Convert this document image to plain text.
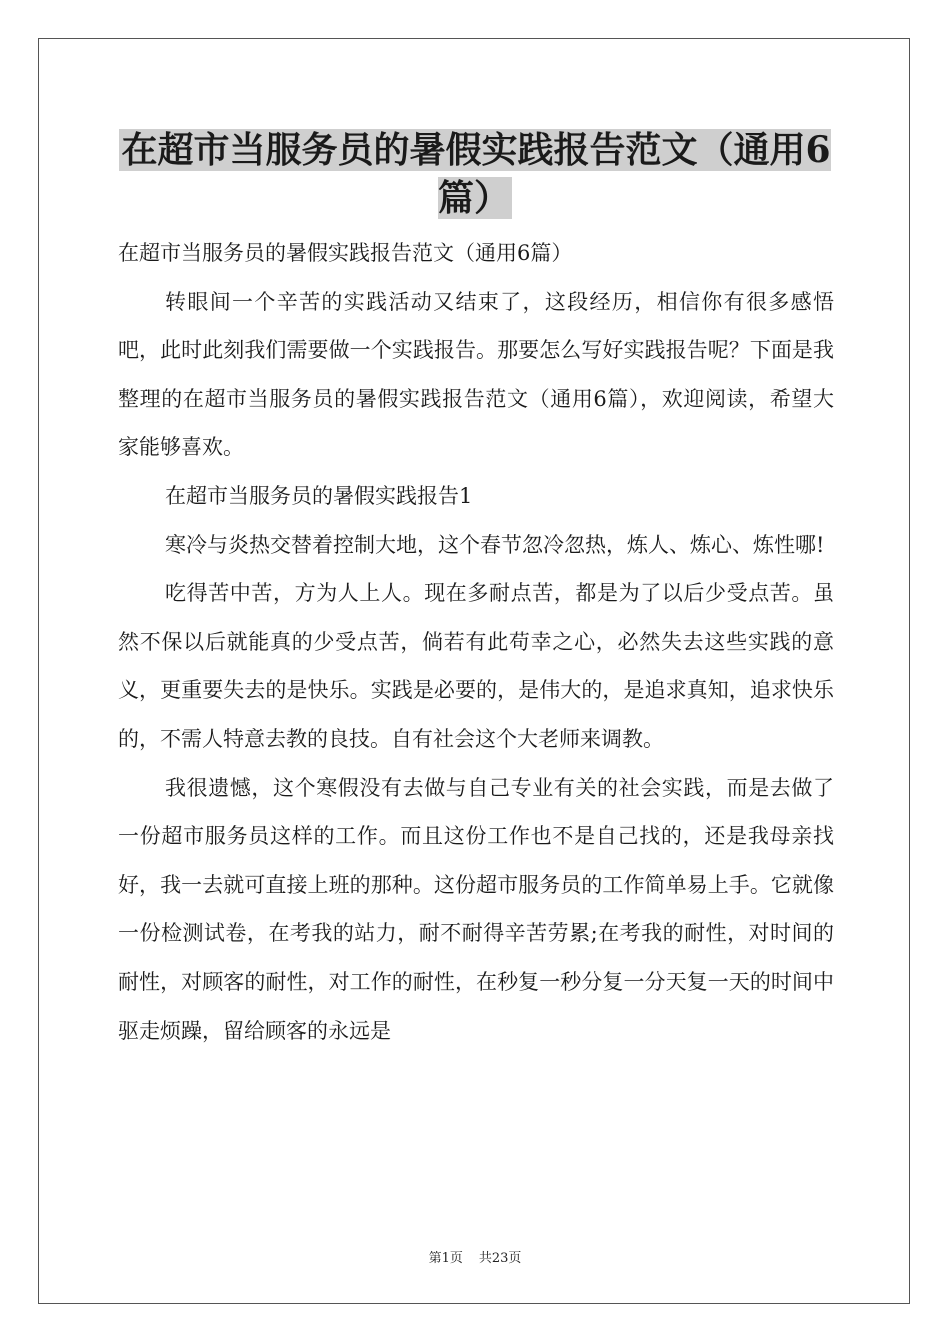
在超市当服务员的暑假实践报告范文（通用6篇）

在超市当服务员的暑假实践报告范文（通用6篇）

转眼间一个辛苦的实践活动又结束了，这段经历，相信你有很多感悟吧，此时此刻我们需要做一个实践报告。那要怎么写好实践报告呢？下面是我整理的在超市当服务员的暑假实践报告范文（通用6篇），欢迎阅读，希望大家能够喜欢。

在超市当服务员的暑假实践报告1

寒冷与炎热交替着控制大地，这个春节忽冷忽热，炼人、炼心、炼性哪!

吃得苦中苦，方为人上人。现在多耐点苦，都是为了以后少受点苦。虽然不保以后就能真的少受点苦，倘若有此苟幸之心，必然失去这些实践的意义，更重要失去的是快乐。实践是必要的，是伟大的，是追求真知，追求快乐的，不需人特意去教的良技。自有社会这个大老师来调教。

我很遗憾，这个寒假没有去做与自己专业有关的社会实践，而是去做了一份超市服务员这样的工作。而且这份工作也不是自己找的，还是我母亲找好，我一去就可直接上班的那种。这份超市服务员的工作简单易上手。它就像一份检测试卷，在考我的站力，耐不耐得辛苦劳累;在考我的耐性，对时间的耐性，对顾客的耐性，对工作的耐性，在秒复一秒分复一分天复一天的时间中驱走烦躁，留给顾客的永远是

第1页 共23页
